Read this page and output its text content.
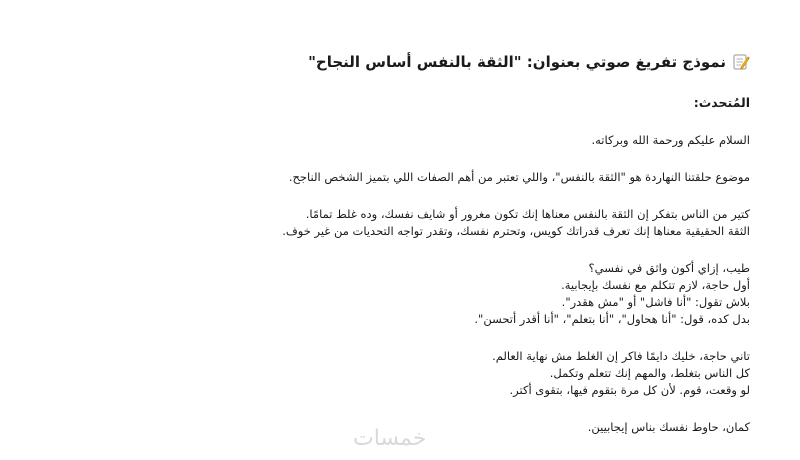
نموذج تفريغ صوتي بعنوان: "الثقة بالنفس أساس النجاح"
المُتحدث:
السلام عليكم ورحمة الله وبركاته.
موضوع حلقتنا النهاردة هو "الثقة بالنفس"، واللي تعتبر من أهم الصفات اللي بتميز الشخص الناجح.
كتير من الناس بتفكر إن الثقة بالنفس معناها إنك تكون مغرور أو شايف نفسك، وده غلط تمامًا.
الثقة الحقيقية معناها إنك تعرف قدراتك كويس، وتحترم نفسك، وتقدر تواجه التحديات من غير خوف.
طيب، إزاي أكون واثق في نفسي؟
أول حاجة، لازم تتكلم مع نفسك بإيجابية.
بلاش تقول: "أنا فاشل" أو "مش هقدر".
بدل كده، قول: "أنا هحاول"، "أنا بتعلم"، "أنا أقدر أتحسن".
تاني حاجة، خليك دايمًا فاكر إن الغلط مش نهاية العالم.
كل الناس بتغلط، والمهم إنك تتعلم وتكمل.
لو وقعت، قوم. لأن كل مرة بتقوم فيها، بتقوى أكتر.
كمان، حاوط نفسك بناس إيجابيين.
خمسات
